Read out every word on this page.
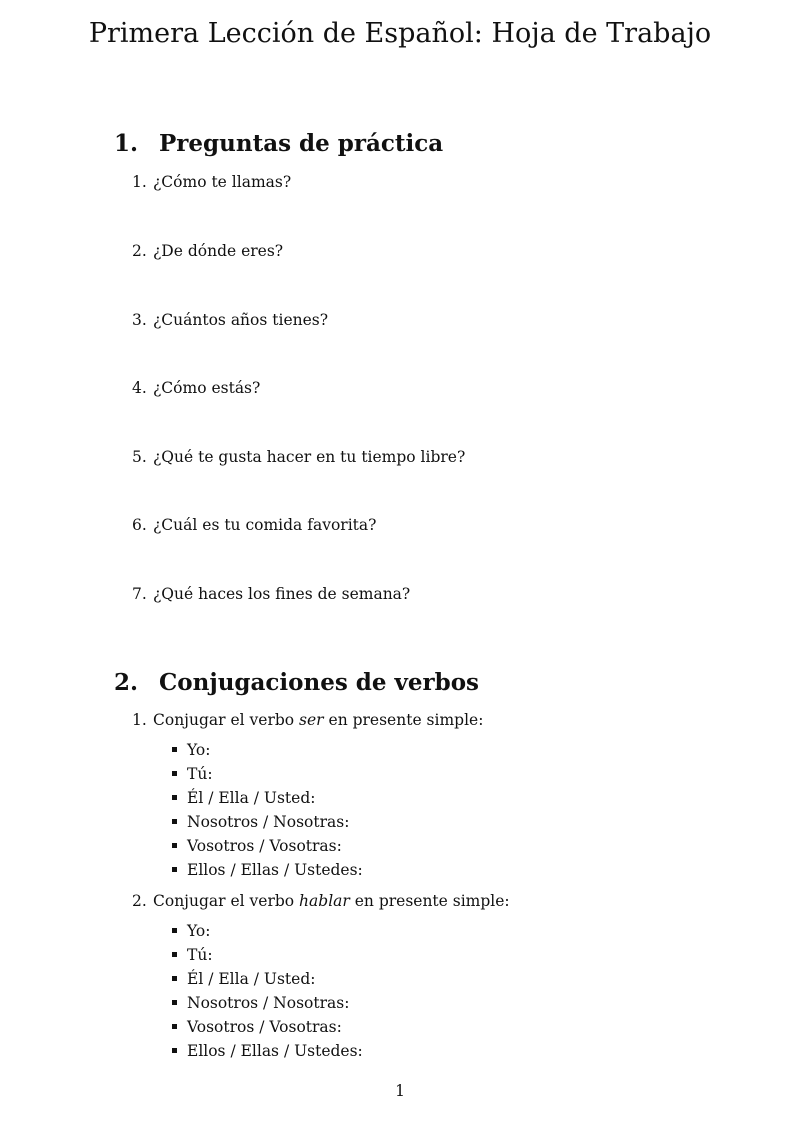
Primera Lección de Español: Hoja de Trabajo
1. Preguntas de práctica
1. ¿Cómo te llamas?
2. ¿De dónde eres?
3. ¿Cuántos años tienes?
4. ¿Cómo estás?
5. ¿Qué te gusta hacer en tu tiempo libre?
6. ¿Cuál es tu comida favorita?
7. ¿Qué haces los fines de semana?
2. Conjugaciones de verbos
1. Conjugar el verbo ser en presente simple:
Yo:
Tú:
Él / Ella / Usted:
Nosotros / Nosotras:
Vosotros / Vosotras:
Ellos / Ellas / Ustedes:
2. Conjugar el verbo hablar en presente simple:
Yo:
Tú:
Él / Ella / Usted:
Nosotros / Nosotras:
Vosotros / Vosotras:
Ellos / Ellas / Ustedes:
1
